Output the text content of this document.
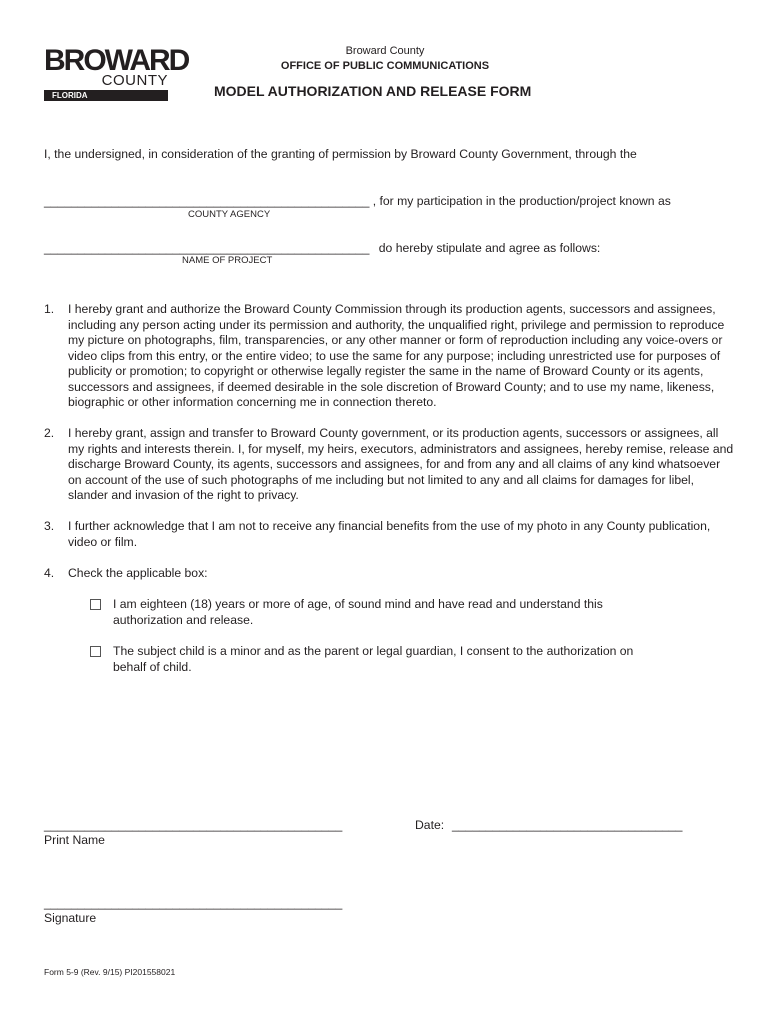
BROWARD
COUNTY
FLORIDA
Broward County
OFFICE OF PUBLIC COMMUNICATIONS
MODEL AUTHORIZATION AND RELEASE FORM
I, the undersigned, in consideration of the granting of permission by Broward County Government, through the
________________________________________________ , for my participation in the production/project known as
COUNTY AGENCY
________________________________________________ do hereby stipulate and agree as follows:
NAME OF PROJECT
1. I hereby grant and authorize the Broward County Commission through its production agents, successors and assignees, including any person acting under its permission and authority, the unqualified right, privilege and permission to reproduce my picture on photographs, film, transparencies, or any other manner or form of reproduction including any voice-overs or video clips from this entry, or the entire video; to use the same for any purpose; including unrestricted use for purposes of publicity or promotion; to copyright or otherwise legally register the same in the name of Broward County or its agents, successors and assignees, if deemed desirable in the sole discretion of Broward County; and to use my name, likeness, biographic or other information concerning me in connection thereto.
2. I hereby grant, assign and transfer to Broward County government, or its production agents, successors or assignees, all my rights and interests therein. I, for myself, my heirs, executors, administrators and assignees, hereby remise, release and discharge Broward County, its agents, successors and assignees, for and from any and all claims of any kind whatsoever on account of the use of such photographs of me including but not limited to any and all claims for damages for libel, slander and invasion of the right to privacy.
3. I further acknowledge that I am not to receive any financial benefits from the use of my photo in any County publication, video or film.
4. Check the applicable box:
I am eighteen (18) years or more of age, of sound mind and have read and understand this authorization and release.
The subject child is a minor and as the parent or legal guardian, I consent to the authorization on behalf of child.
____________________________________________
Print Name
Date: __________________________________
____________________________________________
Signature
Form 5-9 (Rev. 9/15) PI201558021
